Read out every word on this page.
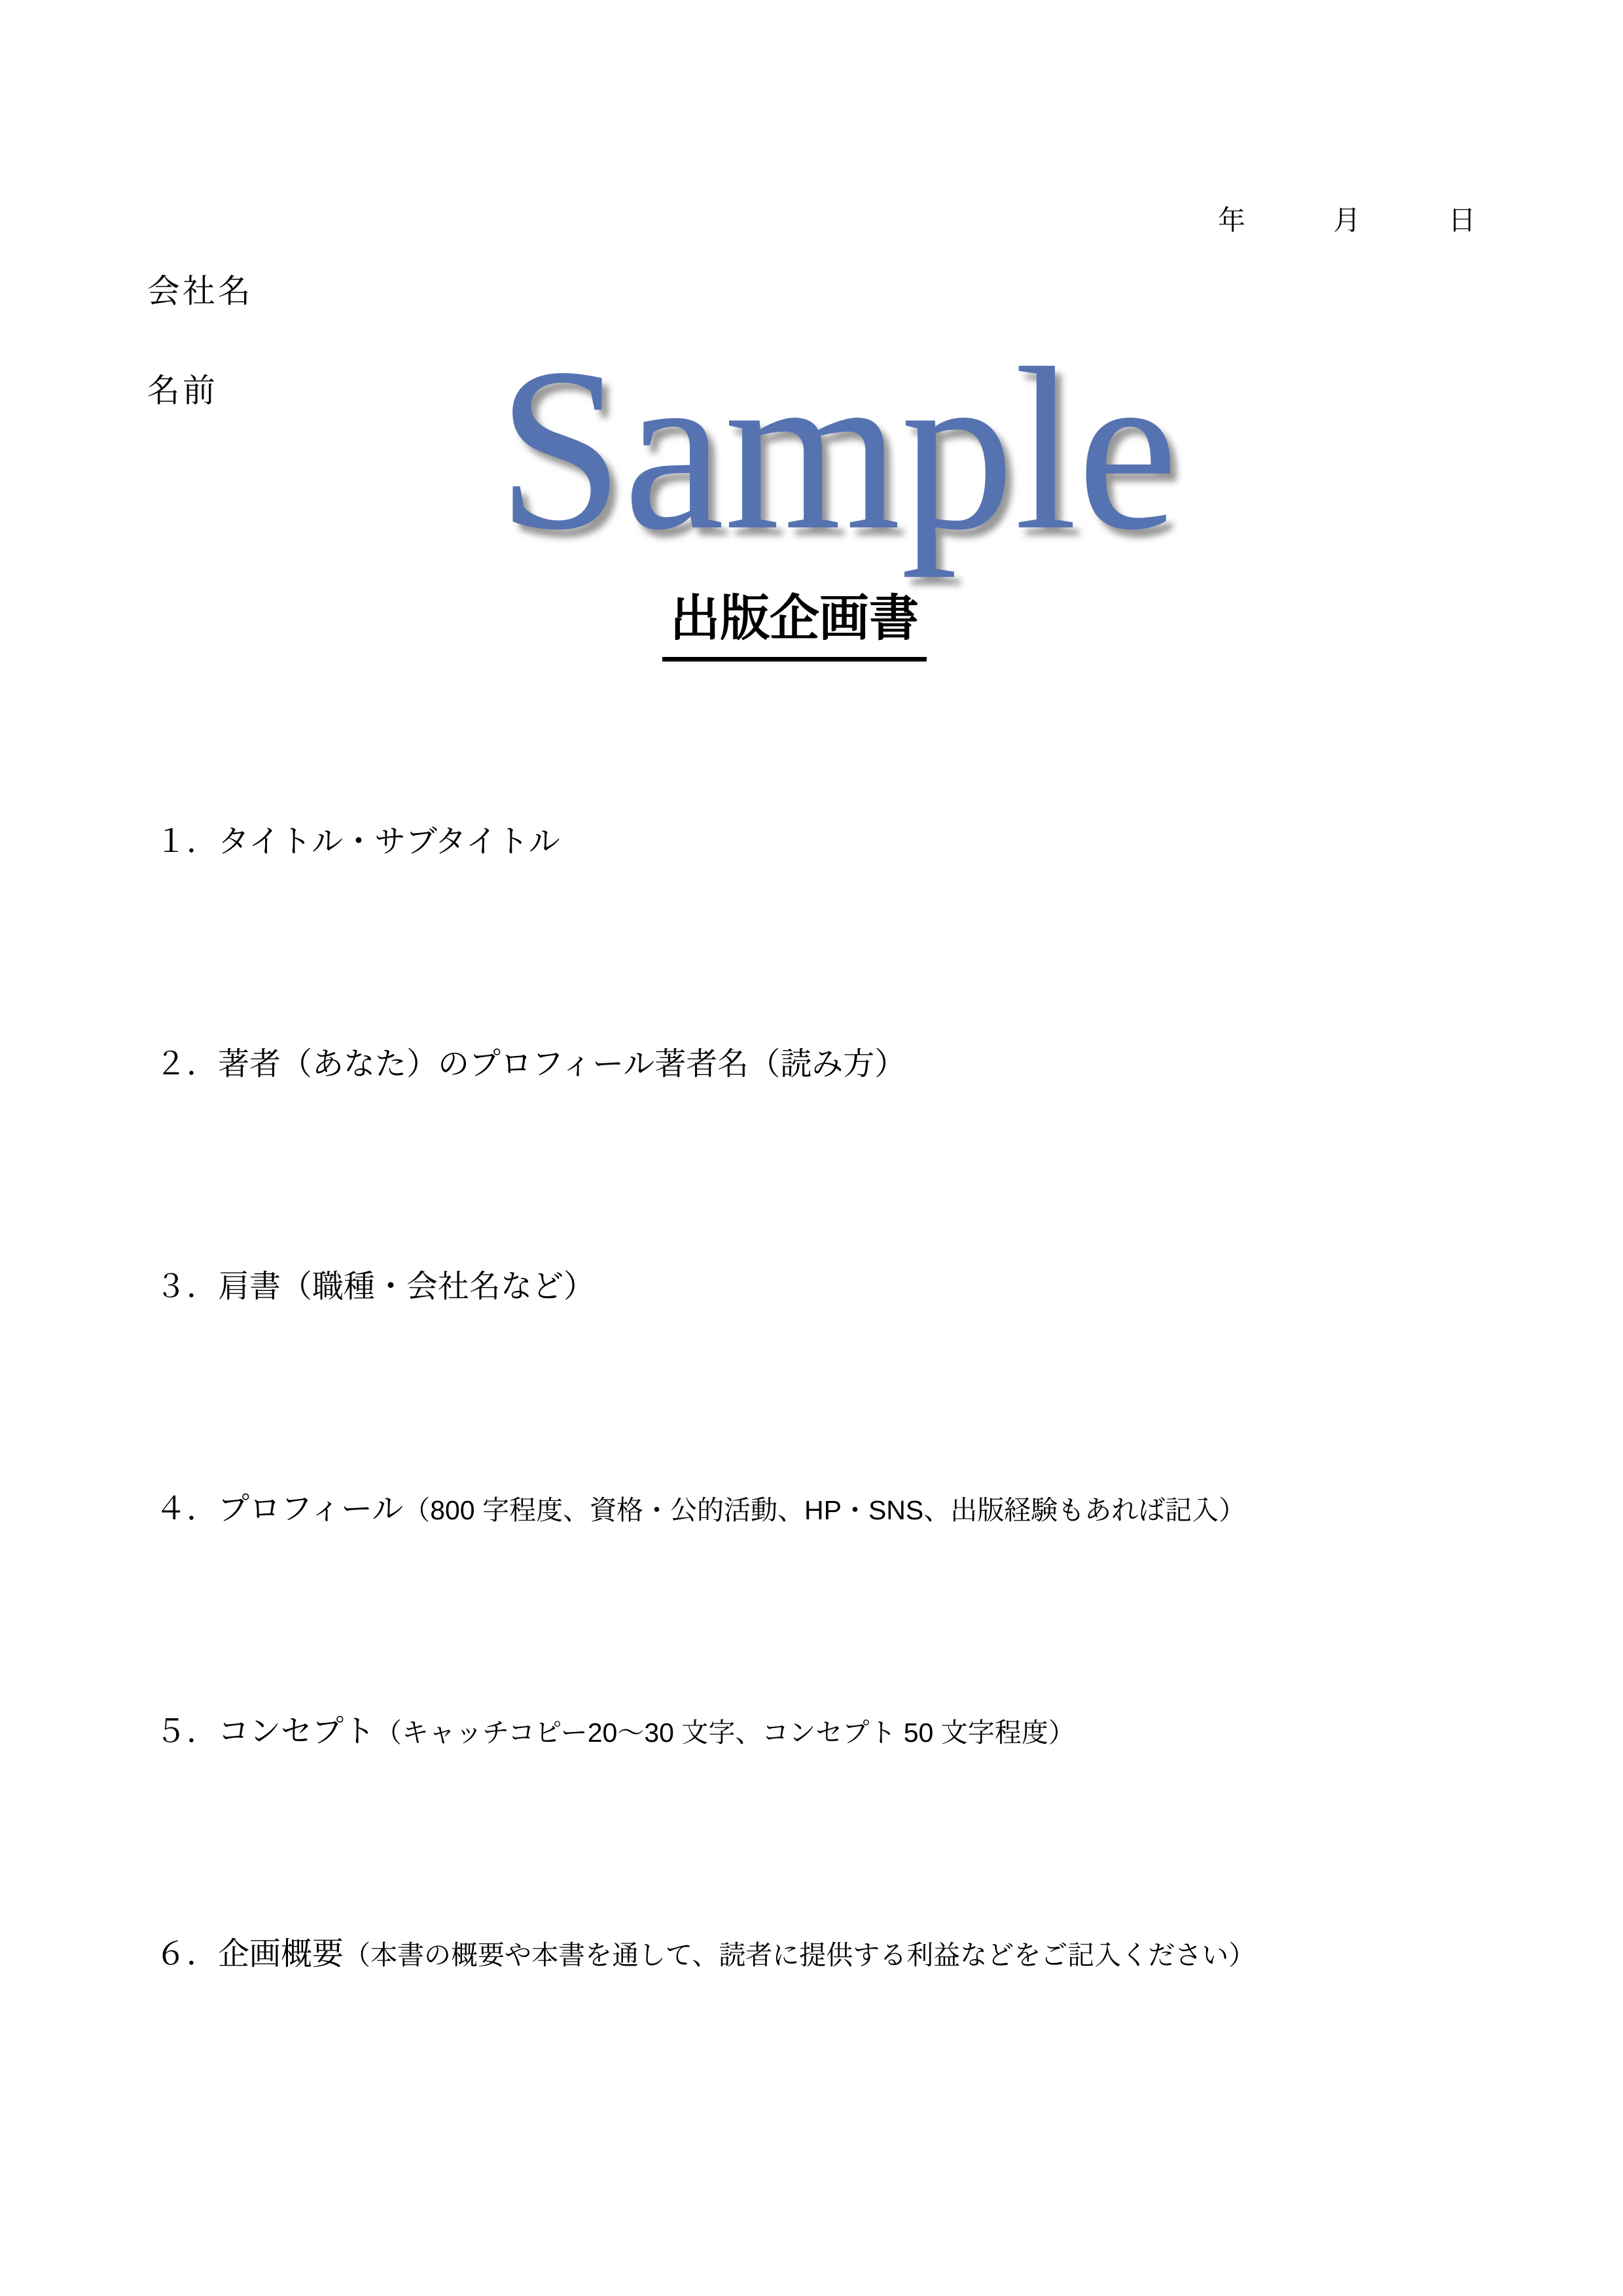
年	月	日
会社名
名前 Sample
出版企画書
１．タイトル・サブタイトル
２．著者（あなた）のプロフィール著者名（読み方）
３．肩書（職種・会社名など）
４．プロフィール（800 字程度、資格・公的活動、HP・SNS、出版経験もあれば記入）
５．コンセプト（キャッチコピー20～30 文字、コンセプト 50 文字程度）
６．企画概要（本書の概要や本書を通して、読者に提供する利益などをご記入ください）
